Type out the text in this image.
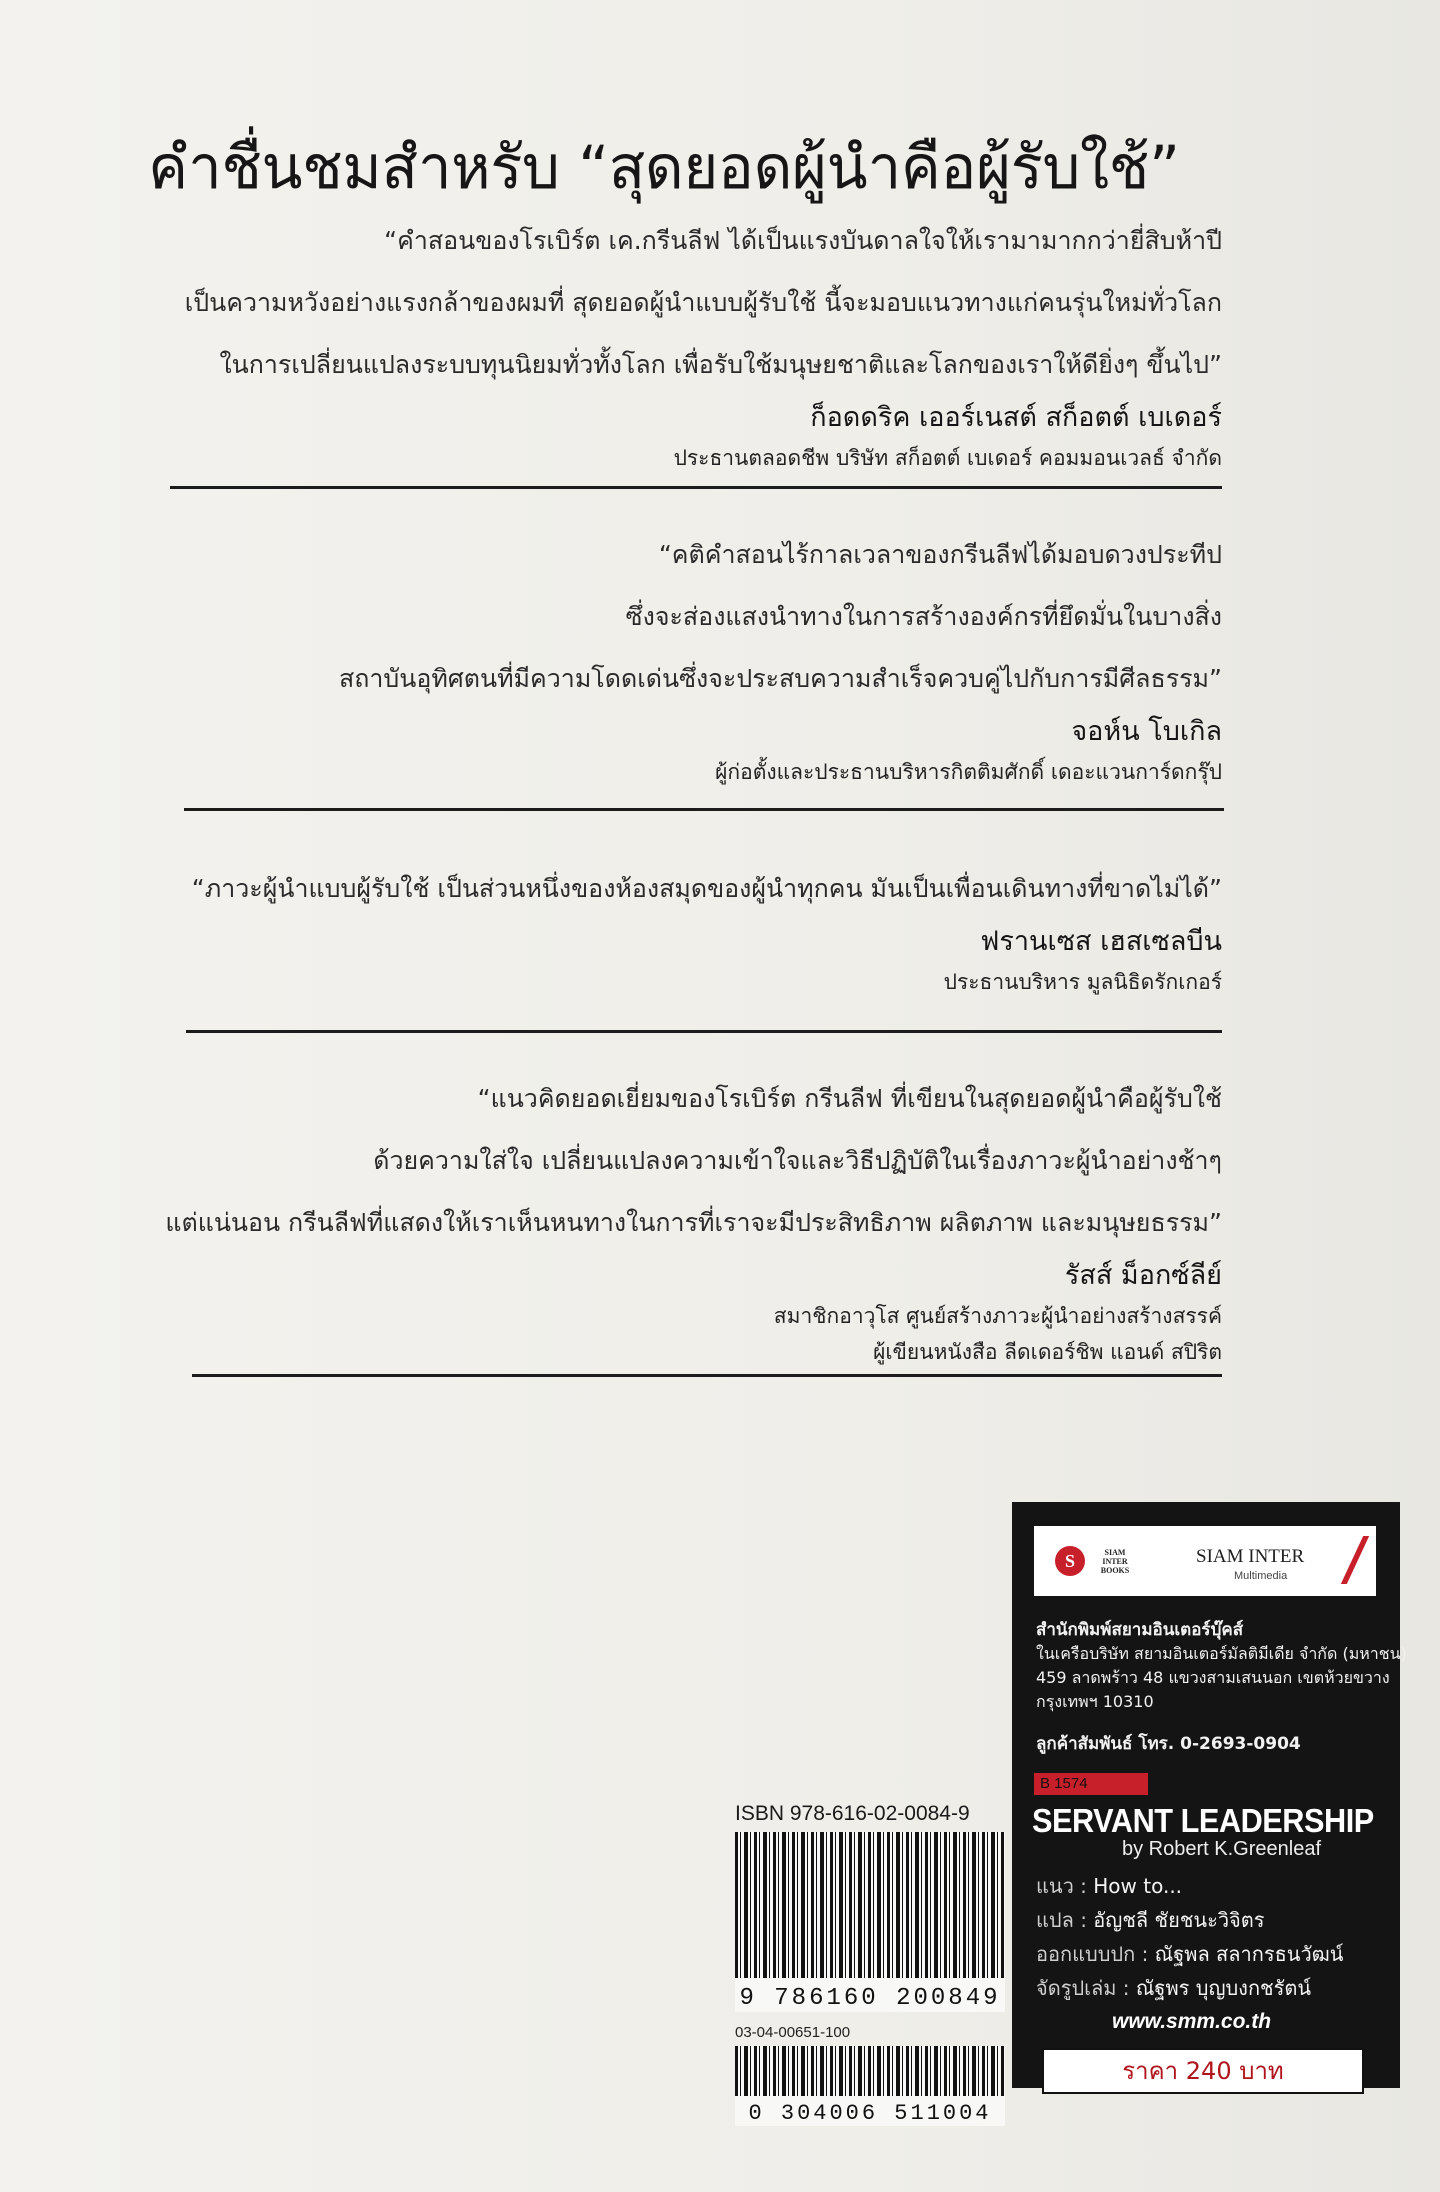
คำชื่นชมสำหรับ “สุดยอดผู้นำคือผู้รับใช้”
“คำสอนของโรเบิร์ต เค.กรีนลีฟ ได้เป็นแรงบันดาลใจให้เรามามากกว่ายี่สิบห้าปี
เป็นความหวังอย่างแรงกล้าของผมที่ สุดยอดผู้นำแบบผู้รับใช้ นี้จะมอบแนวทางแก่คนรุ่นใหม่ทั่วโลก
ในการเปลี่ยนแปลงระบบทุนนิยมทั่วทั้งโลก เพื่อรับใช้มนุษยชาติและโลกของเราให้ดียิ่งๆ ขึ้นไป”
ก็อดดริค เออร์เนสต์ สก็อตต์ เบเดอร์
ประธานตลอดชีพ บริษัท สก็อตต์ เบเดอร์ คอมมอนเวลธ์ จำกัด
“คติคำสอนไร้กาลเวลาของกรีนลีฟได้มอบดวงประทีป
ซึ่งจะส่องแสงนำทางในการสร้างองค์กรที่ยึดมั่นในบางสิ่ง
สถาบันอุทิศตนที่มีความโดดเด่นซึ่งจะประสบความสำเร็จควบคู่ไปกับการมีศีลธรรม”
จอห์น โบเกิล
ผู้ก่อตั้งและประธานบริหารกิตติมศักดิ์ เดอะแวนการ์ดกรุ๊ป
“ภาวะผู้นำแบบผู้รับใช้ เป็นส่วนหนึ่งของห้องสมุดของผู้นำทุกคน มันเป็นเพื่อนเดินทางที่ขาดไม่ได้”
ฟรานเซส เฮสเซลบีน
ประธานบริหาร มูลนิธิดรักเกอร์
“แนวคิดยอดเยี่ยมของโรเบิร์ต กรีนลีฟ ที่เขียนในสุดยอดผู้นำคือผู้รับใช้
ด้วยความใส่ใจ เปลี่ยนแปลงความเข้าใจและวิธีปฏิบัติในเรื่องภาวะผู้นำอย่างช้าๆ
แต่แน่นอน กรีนลีฟที่แสดงให้เราเห็นหนทางในการที่เราจะมีประสิทธิภาพ ผลิตภาพ และมนุษยธรรม”
รัสส์ ม็อกซ์ลีย์
สมาชิกอาวุโส ศูนย์สร้างภาวะผู้นำอย่างสร้างสรรค์
ผู้เขียนหนังสือ ลีดเดอร์ชิพ แอนด์ สปิริต
ISBN 978-616-02-0084-9
9 786160 200849
03-04-00651-100
0 304006 511004
S	SIAM INTER BOOKS
SIAM INTER
Multimedia
สำนักพิมพ์สยามอินเตอร์บุ๊คส์
ในเครือบริษัท สยามอินเตอร์มัลติมีเดีย จำกัด (มหาชน)
459 ลาดพร้าว 48 แขวงสามเสนนอก เขตห้วยขวาง
กรุงเทพฯ 10310
ลูกค้าสัมพันธ์ โทร. 0-2693-0904
B 1574
SERVANT LEADERSHIP
by Robert K.Greenleaf
แนว : How to...
แปล : อัญชลี ชัยชนะวิจิตร
ออกแบบปก : ณัฐพล สลากรธนวัฒน์
จัดรูปเล่ม : ณัฐพร บุญบงกชรัตน์
www.smm.co.th
ราคา 240 บาท
